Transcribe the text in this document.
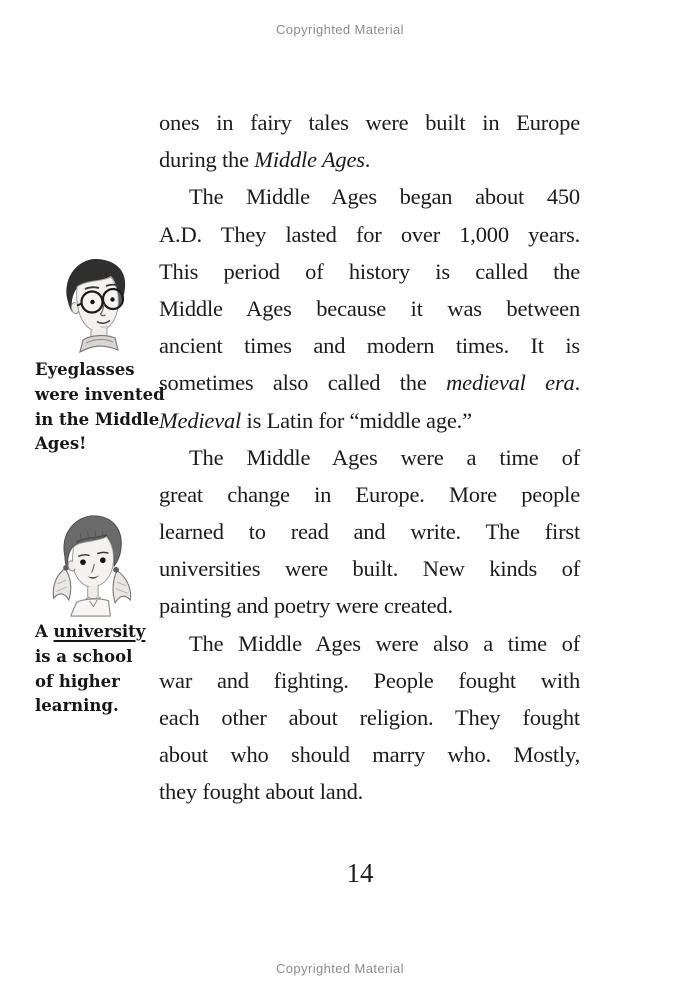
Copyrighted Material
Eyeglasses
were invented
in the Middle
Ages!
A university
is a school
of higher
learning.
ones in fairy tales were built in Europe
during the Middle Ages.
The Middle Ages began about 450
A.D. They lasted for over 1,000 years.
This period of history is called the
Middle Ages because it was between
ancient times and modern times. It is
sometimes also called the medieval era.
Medieval is Latin for “middle age.”
The Middle Ages were a time of
great change in Europe. More people
learned to read and write. The first
universities were built. New kinds of
painting and poetry were created.
The Middle Ages were also a time of
war and fighting. People fought with
each other about religion. They fought
about who should marry who. Mostly,
they fought about land.
14
Copyrighted Material
